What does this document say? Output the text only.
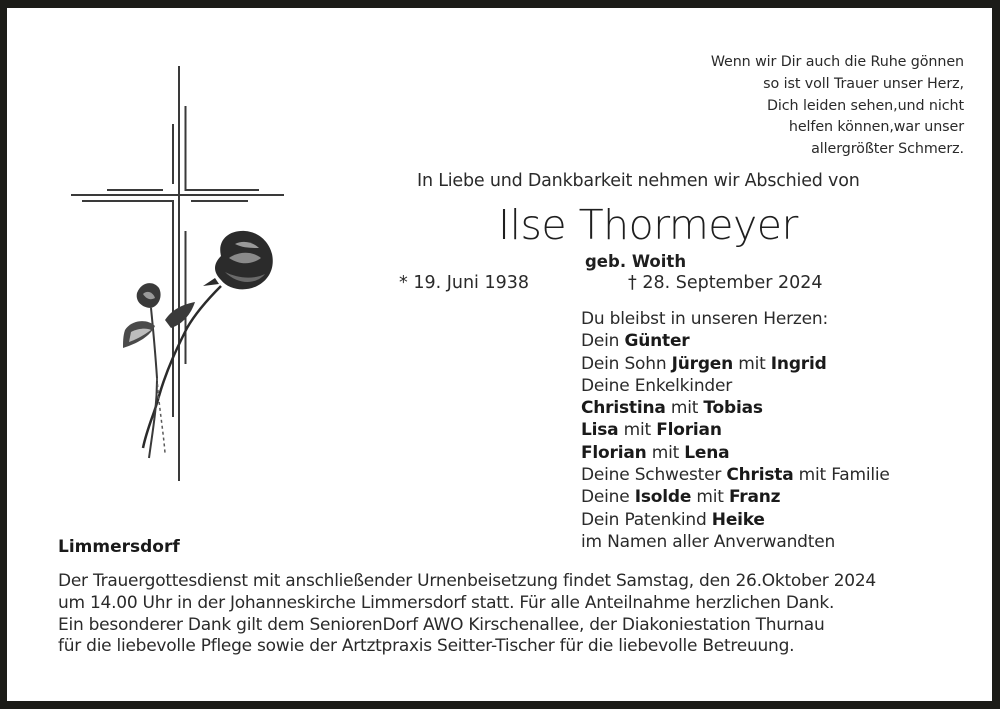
Wenn wir Dir auch die Ruhe gönnen
so ist voll Trauer unser Herz,
Dich leiden sehen,und nicht
helfen können,war unser
allergrößter Schmerz.
In Liebe und Dankbarkeit nehmen wir Abschied von
Ilse Thormeyer
geb. Woith
* 19. Juni 1938	† 28. September 2024
Du bleibst in unseren Herzen:
Dein Günter
Dein Sohn Jürgen mit Ingrid
Deine Enkelkinder
Christina mit Tobias
Lisa mit Florian
Florian mit Lena
Deine Schwester Christa mit Familie
Deine Isolde mit Franz
Dein Patenkind Heike
im Namen aller Anverwandten
Limmersdorf
Der Trauergottesdienst mit anschließender Urnenbeisetzung findet Samstag, den 26.Oktober 2024
um 14.00 Uhr in der Johanneskirche Limmersdorf statt. Für alle Anteilnahme herzlichen Dank.
Ein besonderer Dank gilt dem SeniorenDorf AWO Kirschenallee, der Diakoniestation Thurnau
für die liebevolle Pflege sowie der Artztpraxis Seitter-Tischer für die liebevolle Betreuung.
